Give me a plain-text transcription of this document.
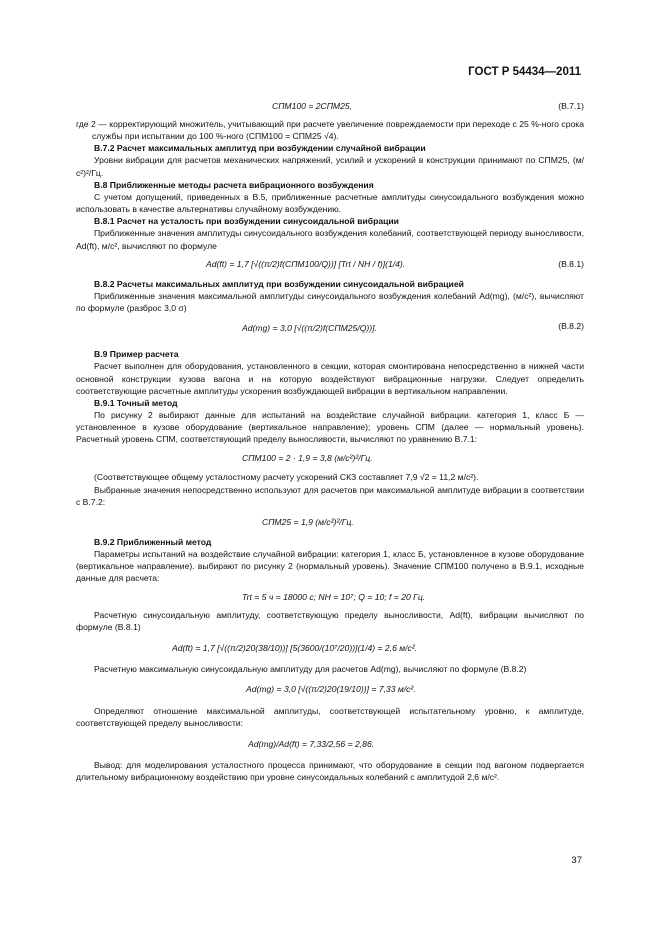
ГОСТ Р 54434—2011
СПМ100 = 2СПМ25,	(В.7.1)

где 2 — корректирующий множитель, учитывающий при расчете увеличение повреждаемости при переходе с 25 %-ного срока службы при испытании до 100 %-ного (СПМ100 = СПМ25 √4).

В.7.2 Расчет максимальных амплитуд при возбуждении случайной вибрации

Уровни вибрации для расчетов механических напряжений, усилий и ускорений в конструкции принимают по СПМ25, (м/с²)²/Гц.

В.8 Приближенные методы расчета вибрационного возбуждения

С учетом допущений, приведенных в В.5, приближенные расчетные амплитуды синусоидального возбуждения можно использовать в качестве альтернативы случайному возбуждению.

В.8.1 Расчет на усталость при возбуждении синусоидальной вибрации

Приближенные значения амплитуды синусоидального возбуждения колебаний, соответствующей периоду выносливости, Ad(ft), м/с², вычисляют по формуле

Ad(ft) = 1,7 [√((π/2)f(СПМ100/Q))] [Trt / NH / f)](1/4).	(В.8.1)

В.8.2 Расчеты максимальных амплитуд при возбуждении синусоидальной вибрацией

Приближенные значения максимальной амплитуды синусоидального возбуждения колебаний Ad(mg), (м/с²), вычисляют по формуле (разброс 3,0 σ)

Ad(mg) = 3,0 [√((π/2)f(СПМ25/Q))].	(В.8.2)

В.9 Пример расчета

Расчет выполнен для оборудования, установленного в секции, которая смонтирована непосредственно в нижней части основной конструкции кузова вагона и на которую воздействуют вибрационные нагрузки. Следует определить соответствующие расчетные амплитуды ускорения возбуждающей вибрации в вертикальном направлении.

В.9.1 Точный метод

По рисунку 2 выбирают данные для испытаний на воздействие случайной вибрации. категория 1, класс Б — установленное в кузове оборудование (вертикальное направление); уровень СПМ (далее — нормальный уровень). Расчетный уровень СПМ, соответствующий пределу выносливости, вычисляют по уравнению В.7.1:

СПМ100 = 2 · 1,9 = 3,8 (м/с²)²/Гц.

(Соответствующее общему усталостному расчету ускорений СКЗ составляет 7,9 √2 = 11,2 м/с²).

Выбранные значения непосредственно используют для расчетов при максимальной амплитуде вибрации в соответствии с В.7.2:

СПМ25 = 1,9 (м/с²)²/Гц.

В.9.2 Приближенный метод

Параметры испытаний на воздействие случайной вибрации: категория 1, класс Б, установленное в кузове оборудование (вертикальное направление). выбирают по рисунку 2 (нормальный уровень). Значение СПМ100 получено в В.9.1, исходные данные для расчета:

Trt = 5 ч = 18000 с; NH = 10⁷; Q = 10; f = 20 Гц.

Расчетную синусоидальную амплитуду, соответствующую пределу выносливости, Ad(ft), вибрации вычисляют по формуле (В.8.1)

Ad(ft) = 1,7 [√((π/2)20(38/10))] [5(3600/(10⁷/20))](1/4) = 2,6 м/с².

Расчетную максимальную синусоидальную амплитуду для расчетов Ad(mg), вычисляют по формуле (В.8.2)

Ad(mg) = 3,0 [√((π/2)20(19/10))] = 7,33 м/с².

Определяют отношение максимальной амплитуды, соответствующей испытательному уровню, к амплитуде, соответствующей пределу выносливости:

Ad(mg)/Ad(ft) = 7,33/2,56 = 2,86.

Вывод: для моделирования усталостного процесса принимают, что оборудование в секции под вагоном подвергается длительному вибрационному воздействию при уровне синусоидальных колебаний с амплитудой 2,6 м/с².

37
